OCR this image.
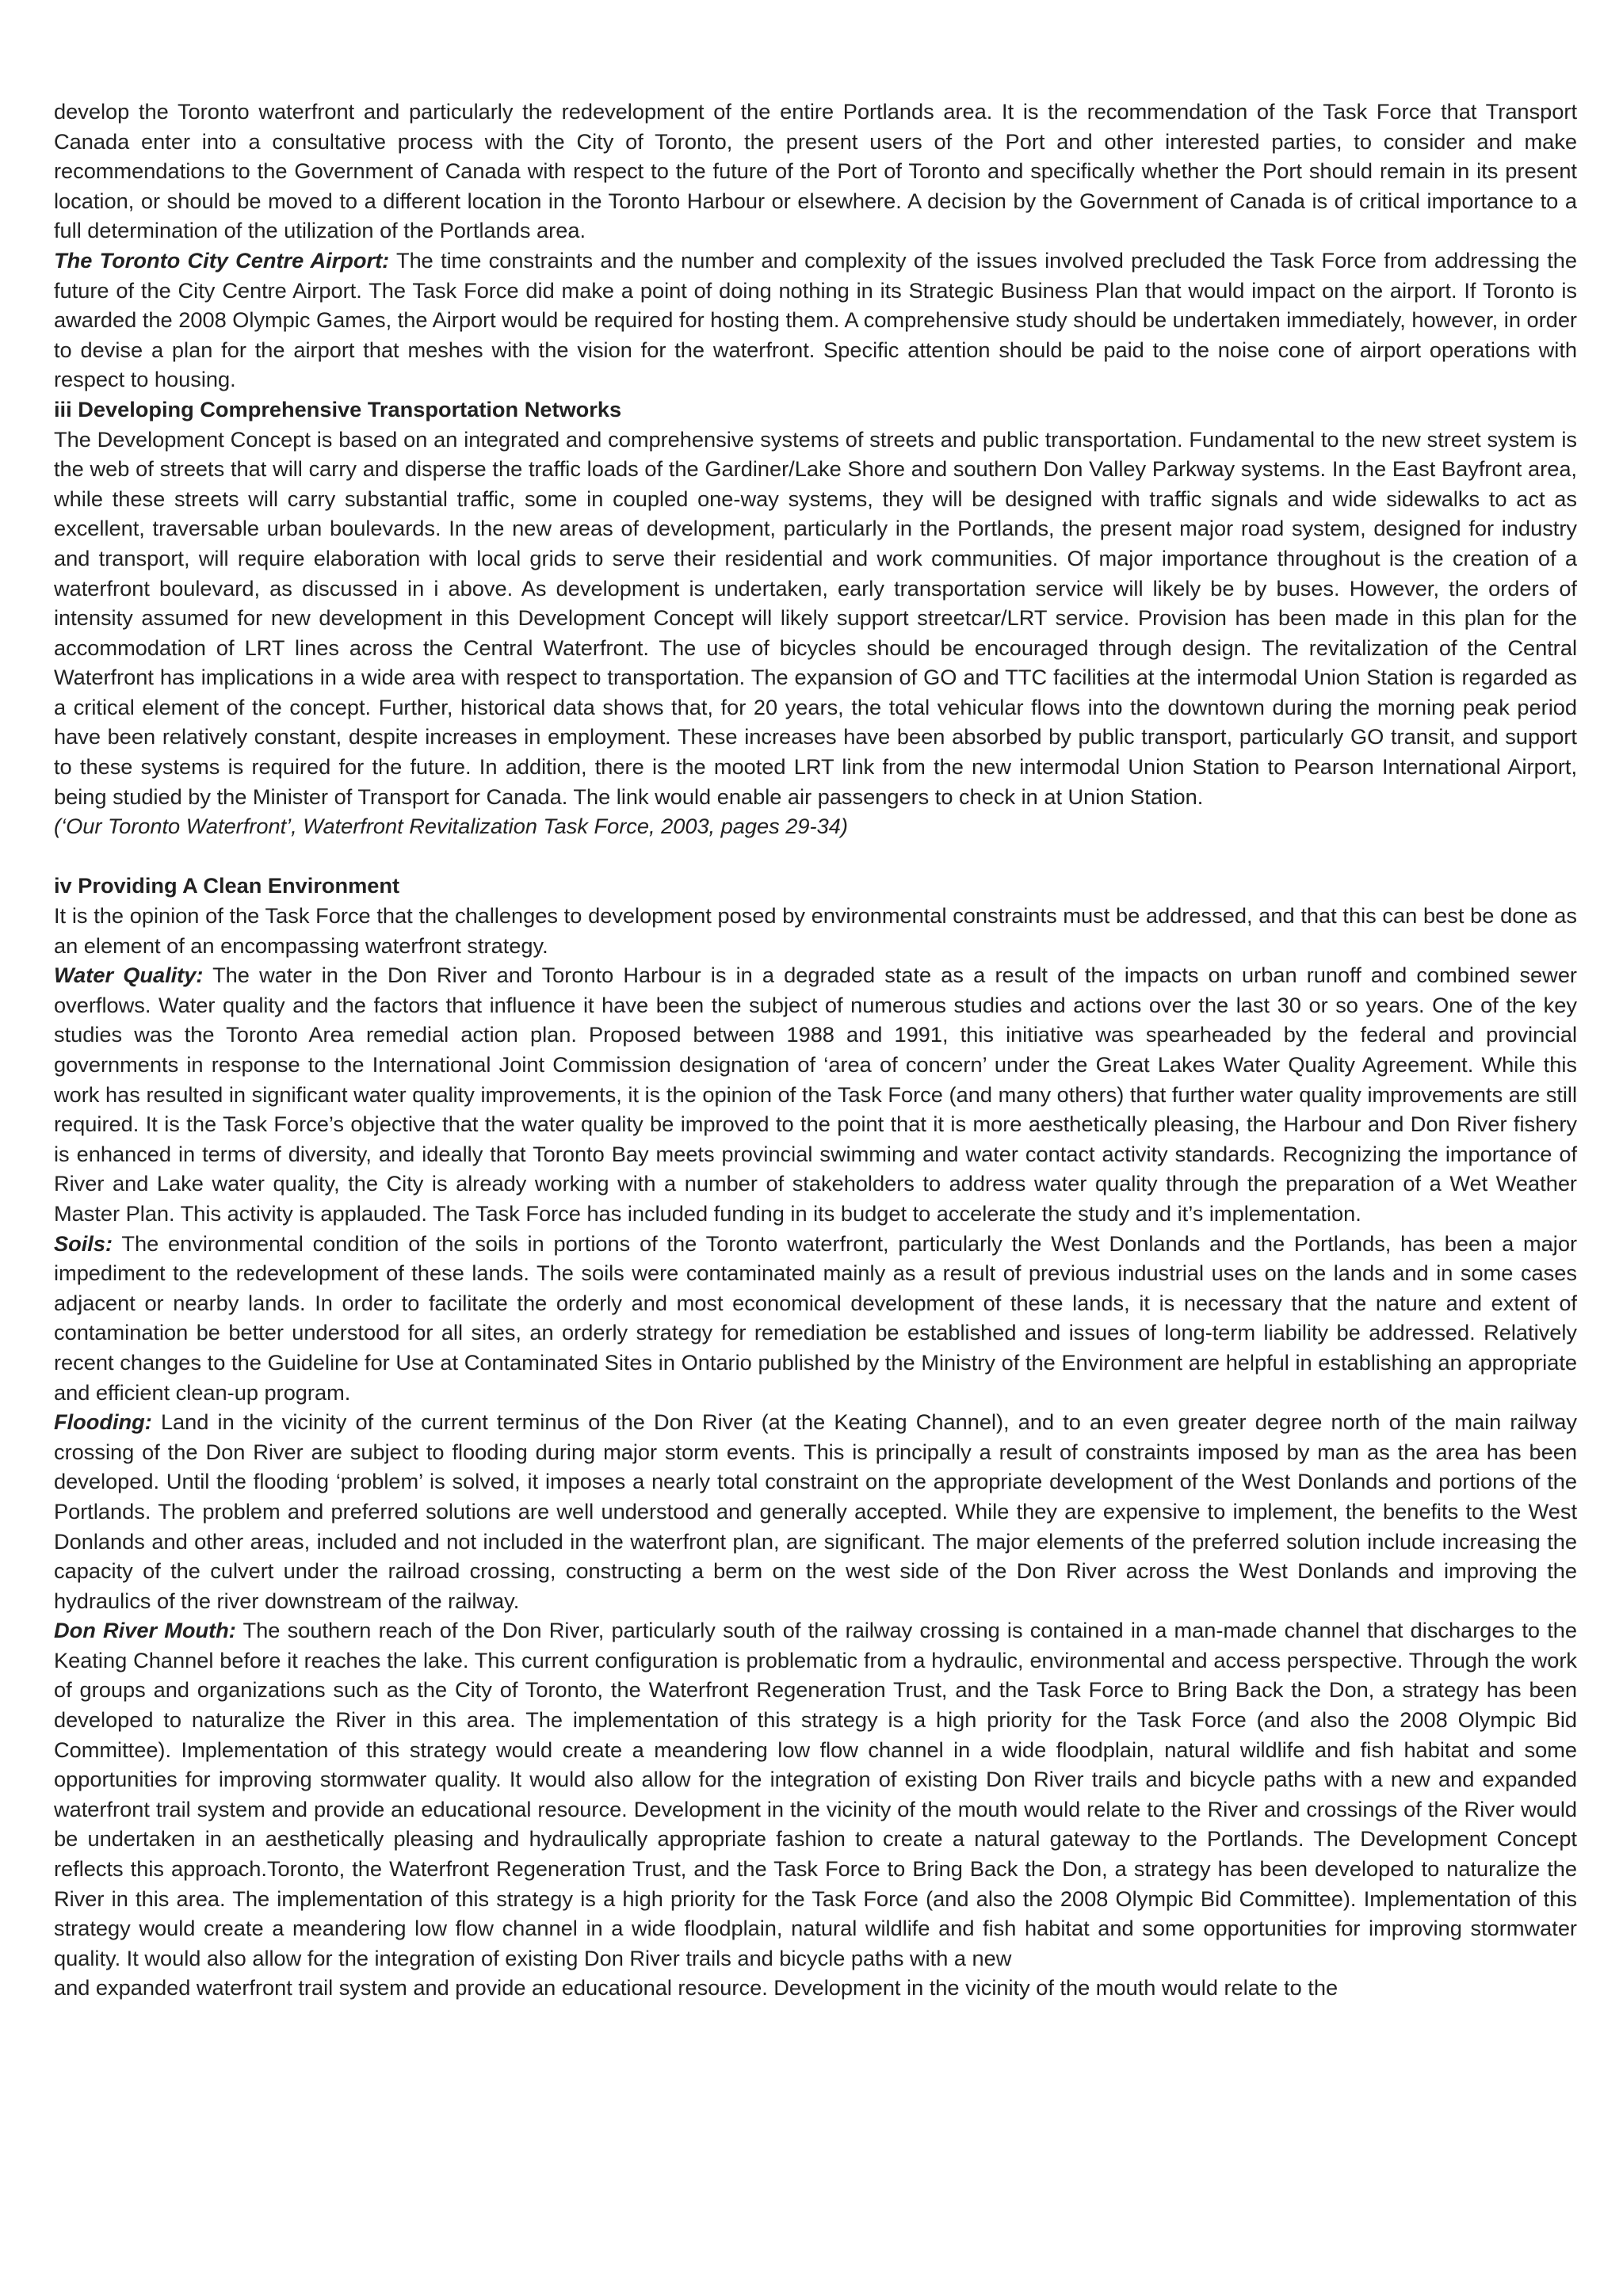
develop the Toronto waterfront and particularly the redevelopment of the entire Portlands area. It is the recommendation of the Task Force that Transport Canada enter into a consultative process with the City of Toronto, the present users of the Port and other interested parties, to consider and make recommendations to the Government of Canada with respect to the future of the Port of Toronto and specifically whether the Port should remain in its present location, or should be moved to a different location in the Toronto Harbour or elsewhere. A decision by the Government of Canada is of critical importance to a full determination of the utilization of the Portlands area.

The Toronto City Centre Airport: The time constraints and the number and complexity of the issues involved precluded the Task Force from addressing the future of the City Centre Airport. The Task Force did make a point of doing nothing in its Strategic Business Plan that would impact on the airport. If Toronto is awarded the 2008 Olympic Games, the Airport would be required for hosting them. A comprehensive study should be undertaken immediately, however, in order to devise a plan for the airport that meshes with the vision for the waterfront. Specific attention should be paid to the noise cone of airport operations with respect to housing.

iii Developing Comprehensive Transportation Networks

The Development Concept is based on an integrated and comprehensive systems of streets and public transportation. Fundamental to the new street system is the web of streets that will carry and disperse the traffic loads of the Gardiner/Lake Shore and southern Don Valley Parkway systems. In the East Bayfront area, while these streets will carry substantial traffic, some in coupled one-way systems, they will be designed with traffic signals and wide sidewalks to act as excellent, traversable urban boulevards. In the new areas of development, particularly in the Portlands, the present major road system, designed for industry and transport, will require elaboration with local grids to serve their residential and work communities. Of major importance throughout is the creation of a waterfront boulevard, as discussed in i above. As development is undertaken, early transportation service will likely be by buses. However, the orders of intensity assumed for new development in this Development Concept will likely support streetcar/LRT service. Provision has been made in this plan for the accommodation of LRT lines across the Central Waterfront. The use of bicycles should be encouraged through design. The revitalization of the Central Waterfront has implications in a wide area with respect to transportation. The expansion of GO and TTC facilities at the intermodal Union Station is regarded as a critical element of the concept. Further, historical data shows that, for 20 years, the total vehicular flows into the downtown during the morning peak period have been relatively constant, despite increases in employment. These increases have been absorbed by public transport, particularly GO transit, and support to these systems is required for the future. In addition, there is the mooted LRT link from the new intermodal Union Station to Pearson International Airport, being studied by the Minister of Transport for Canada. The link would enable air passengers to check in at Union Station.

(‘Our Toronto Waterfront’, Waterfront Revitalization Task Force, 2003, pages 29-34)

iv Providing A Clean Environment

It is the opinion of the Task Force that the challenges to development posed by environmental constraints must be addressed, and that this can best be done as an element of an encompassing waterfront strategy.

Water Quality: The water in the Don River and Toronto Harbour is in a degraded state as a result of the impacts on urban runoff and combined sewer overflows. Water quality and the factors that influence it have been the subject of numerous studies and actions over the last 30 or so years. One of the key studies was the Toronto Area remedial action plan. Proposed between 1988 and 1991, this initiative was spearheaded by the federal and provincial governments in response to the International Joint Commission designation of ‘area of concern’ under the Great Lakes Water Quality Agreement. While this work has resulted in significant water quality improvements, it is the opinion of the Task Force (and many others) that further water quality improvements are still required. It is the Task Force’s objective that the water quality be improved to the point that it is more aesthetically pleasing, the Harbour and Don River fishery is enhanced in terms of diversity, and ideally that Toronto Bay meets provincial swimming and water contact activity standards. Recognizing the importance of River and Lake water quality, the City is already working with a number of stakeholders to address water quality through the preparation of a Wet Weather Master Plan. This activity is applauded. The Task Force has included funding in its budget to accelerate the study and it’s implementation.

Soils: The environmental condition of the soils in portions of the Toronto waterfront, particularly the West Donlands and the Portlands, has been a major impediment to the redevelopment of these lands. The soils were contaminated mainly as a result of previous industrial uses on the lands and in some cases adjacent or nearby lands. In order to facilitate the orderly and most economical development of these lands, it is necessary that the nature and extent of contamination be better understood for all sites, an orderly strategy for remediation be established and issues of long-term liability be addressed. Relatively recent changes to the Guideline for Use at Contaminated Sites in Ontario published by the Ministry of the Environment are helpful in establishing an appropriate and efficient clean-up program.

Flooding: Land in the vicinity of the current terminus of the Don River (at the Keating Channel), and to an even greater degree north of the main railway crossing of the Don River are subject to flooding during major storm events. This is principally a result of constraints imposed by man as the area has been developed. Until the flooding ‘problem’ is solved, it imposes a nearly total constraint on the appropriate development of the West Donlands and portions of the Portlands. The problem and preferred solutions are well understood and generally accepted. While they are expensive to implement, the benefits to the West Donlands and other areas, included and not included in the waterfront plan, are significant. The major elements of the preferred solution include increasing the capacity of the culvert under the railroad crossing, constructing a berm on the west side of the Don River across the West Donlands and improving the hydraulics of the river downstream of the railway.

Don River Mouth: The southern reach of the Don River, particularly south of the railway crossing is contained in a man-made channel that discharges to the Keating Channel before it reaches the lake. This current configuration is problematic from a hydraulic, environmental and access perspective. Through the work of groups and organizations such as the City of Toronto, the Waterfront Regeneration Trust, and the Task Force to Bring Back the Don, a strategy has been developed to naturalize the River in this area. The implementation of this strategy is a high priority for the Task Force (and also the 2008 Olympic Bid Committee). Implementation of this strategy would create a meandering low flow channel in a wide floodplain, natural wildlife and fish habitat and some opportunities for improving stormwater quality. It would also allow for the integration of existing Don River trails and bicycle paths with a new and expanded waterfront trail system and provide an educational resource. Development in the vicinity of the mouth would relate to the River and crossings of the River would be undertaken in an aesthetically pleasing and hydraulically appropriate fashion to create a natural gateway to the Portlands. The Development Concept reflects this approach.Toronto, the Waterfront Regeneration Trust, and the Task Force to Bring Back the Don, a strategy has been developed to naturalize the River in this area. The implementation of this strategy is a high priority for the Task Force (and also the 2008 Olympic Bid Committee). Implementation of this strategy would create a meandering low flow channel in a wide floodplain, natural wildlife and fish habitat and some opportunities for improving stormwater quality. It would also allow for the integration of existing Don River trails and bicycle paths with a new

and expanded waterfront trail system and provide an educational resource. Development in the vicinity of the mouth would relate to the
